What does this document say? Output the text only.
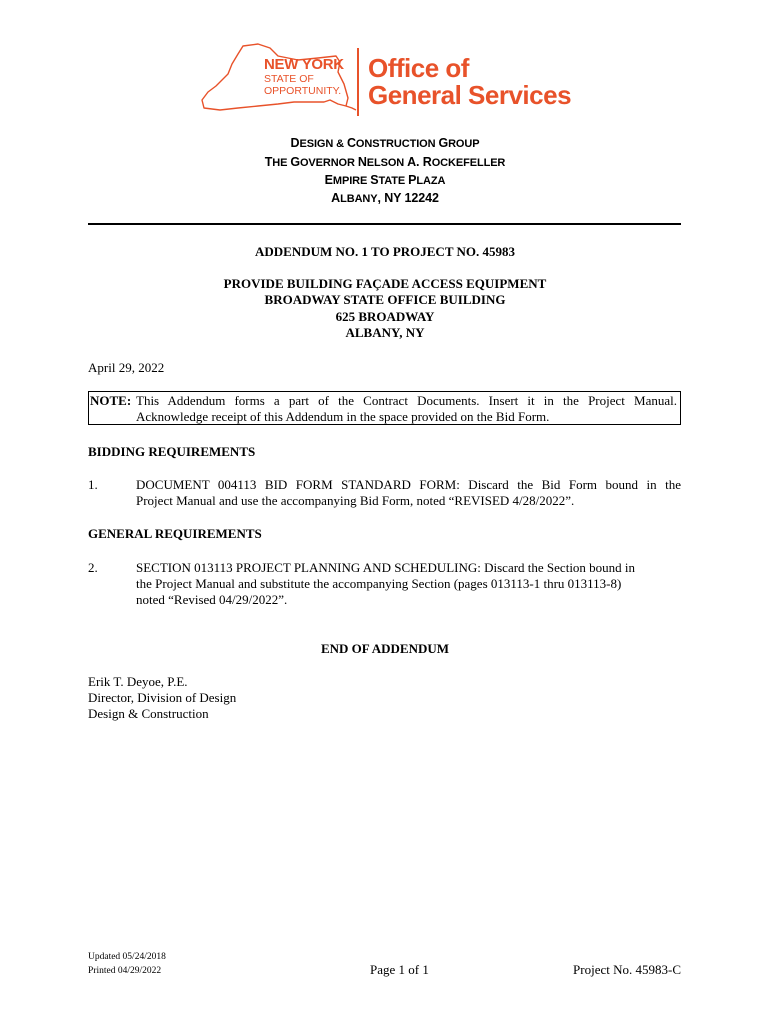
NEW YORK
STATE OF
OPPORTUNITY.
Office of
General Services
DESIGN & CONSTRUCTION GROUP
THE GOVERNOR NELSON A. ROCKEFELLER
EMPIRE STATE PLAZA
ALBANY, NY 12242
ADDENDUM NO. 1 TO PROJECT NO. 45983
PROVIDE BUILDING FAÇADE ACCESS EQUIPMENT
BROADWAY STATE OFFICE BUILDING
625 BROADWAY
ALBANY, NY
April 29, 2022
NOTE: This Addendum forms a part of the Contract Documents. Insert it in the Project Manual.
Acknowledge receipt of this Addendum in the space provided on the Bid Form.
BIDDING REQUIREMENTS
1.	DOCUMENT 004113 BID FORM STANDARD FORM: Discard the Bid Form bound in the
Project Manual and use the accompanying Bid Form, noted “REVISED 4/28/2022”.
GENERAL REQUIREMENTS
2.	SECTION 013113 PROJECT PLANNING AND SCHEDULING: Discard the Section bound in
the Project Manual and substitute the accompanying Section (pages 013113-1 thru 013113-8)
noted “Revised 04/29/2022”.
END OF ADDENDUM
Erik T. Deyoe, P.E.
Director, Division of Design
Design & Construction
Updated 05/24/2018
Printed 04/29/2022	Page 1 of 1	Project No. 45983-C
